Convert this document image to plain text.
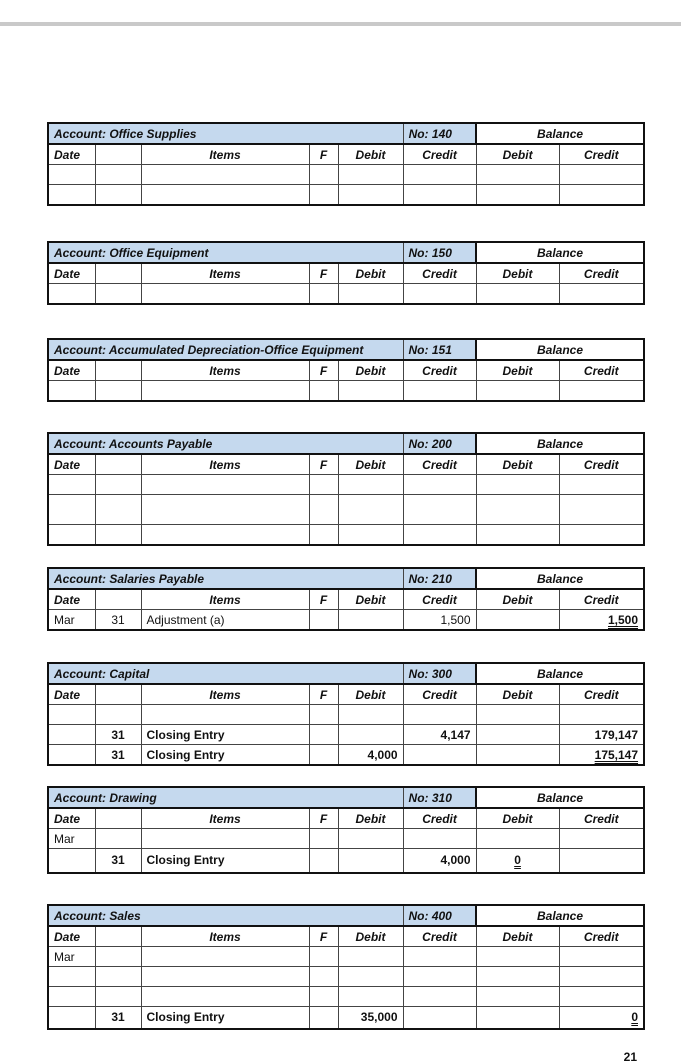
Account: Office Supplies					No: 140	Balance	
Date		Items	F	Debit	Credit	Debit	Credit

Account: Office Equipment					No: 150	Balance	
Date		Items	F	Debit	Credit	Debit	Credit

Account: Accumulated Depreciation-Office Equipment					No: 151	Balance	
Date		Items	F	Debit	Credit	Debit	Credit

Account: Accounts Payable					No: 200	Balance	
Date		Items	F	Debit	Credit	Debit	Credit

Account: Salaries Payable					No: 210	Balance	
Date		Items	F	Debit	Credit	Debit	Credit
Mar	31	Adjustment (a)			1,500		1,500
Account: Capital					No: 300	Balance	
Date		Items	F	Debit	Credit	Debit	Credit

	31	Closing Entry			4,147		179,147
	31	Closing Entry		4,000			175,147
Account: Drawing					No: 310	Balance	
Date		Items	F	Debit	Credit	Debit	Credit
Mar							
	31	Closing Entry			4,000	0	
Account: Sales					No: 400	Balance	
Date		Items	F	Debit	Credit	Debit	Credit
Mar							

	31	Closing Entry		35,000			0
21
